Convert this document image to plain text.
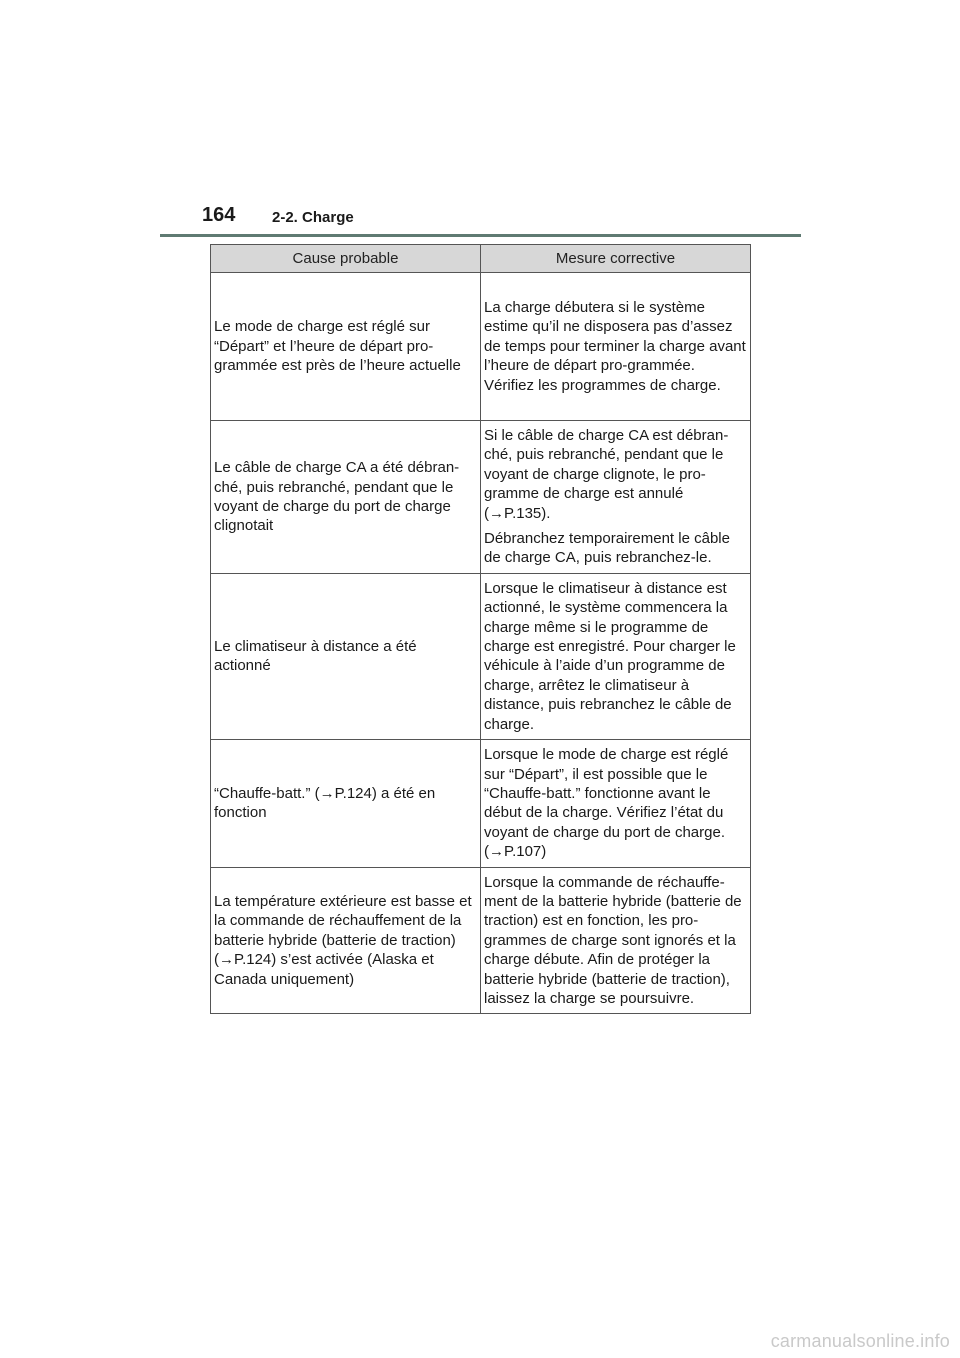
164 2-2. Charge
Cause probable	Mesure corrective
Le mode de charge est réglé sur “Départ” et l’heure de départ pro-grammée est près de l’heure actuelle	La charge débutera si le système estime qu’il ne disposera pas d’assez de temps pour terminer la charge avant l’heure de départ pro-grammée. Vérifiez les programmes de charge.

Le câble de charge CA a été débran-ché, puis rebranché, pendant que le voyant de charge du port de charge clignotait	Si le câble de charge CA est débran-ché, puis rebranché, pendant que le voyant de charge clignote, le pro-gramme de charge est annulé (→P.135).

Débranchez temporairement le câble de charge CA, puis rebranchez-le.

Le climatiseur à distance a été actionné	Lorsque le climatiseur à distance est actionné, le système commencera la charge même si le programme de charge est enregistré. Pour charger le véhicule à l’aide d’un programme de charge, arrêtez le climatiseur à distance, puis rebranchez le câble de charge.

“Chauffe-batt.” (→P.124) a été en fonction	Lorsque le mode de charge est réglé sur “Départ”, il est possible que le “Chauffe-batt.” fonctionne avant le début de la charge. Vérifiez l’état du voyant de charge du port de charge. (→P.107)

La température extérieure est basse et la commande de réchauffement de la batterie hybride (batterie de traction) (→P.124) s’est activée (Alaska et Canada uniquement)	Lorsque la commande de réchauffe-ment de la batterie hybride (batterie de traction) est en fonction, les pro-grammes de charge sont ignorés et la charge débute. Afin de protéger la batterie hybride (batterie de traction), laissez la charge se poursuivre.

carmanualsonline.info
